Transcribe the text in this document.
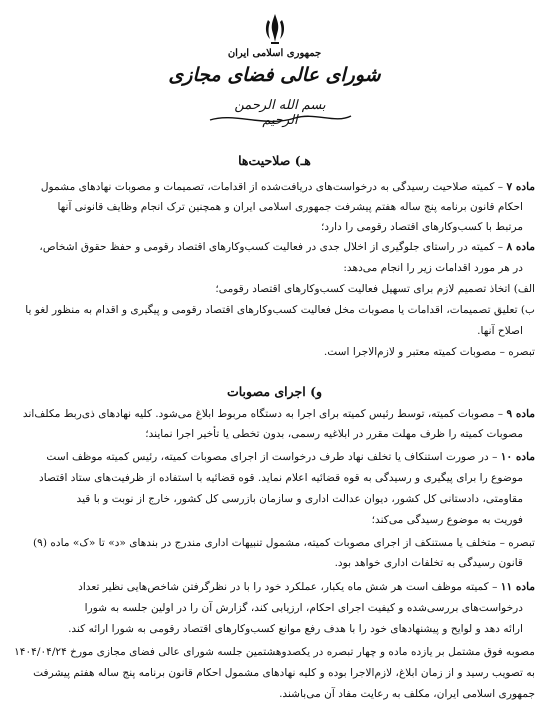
جمهوری اسلامی ایران
شورای عالی فضای مجازی
بسم الله الرحمن الرحیم
هـ) صلاحیت‌ها
ماده ۷ – کمیته صلاحیت رسیدگی به درخواست‌های دریافت‌شده از اقدامات، تصمیمات و مصوبات نهادهای مشمول
احکام قانون برنامه پنج ساله هفتم پیشرفت جمهوری اسلامی ایران و همچنین ترک انجام وظایف قانونی آنها
مرتبط با کسب‌وکارهای اقتصاد رقومی را دارد؛
ماده ۸ – کمیته در راستای جلوگیری از اخلال جدی در فعالیت کسب‌وکارهای اقتصاد رقومی و حفظ حقوق اشخاص،
در هر مورد اقدامات زیر را انجام می‌دهد:
الف) اتخاذ تصمیم لازم برای تسهیل فعالیت کسب‌وکارهای اقتصاد رقومی؛
ب) تعلیق تصمیمات، اقدامات یا مصوبات مخل فعالیت کسب‌وکارهای اقتصاد رقومی و پیگیری و اقدام به منظور لغو یا
اصلاح آنها.
تبصره – مصوبات کمیته معتبر و لازم‌الاجرا است.
و) اجرای مصوبات
ماده ۹ – مصوبات کمیته، توسط رئیس کمیته برای اجرا به دستگاه مربوط ابلاغ می‌شود. کلیه نهادهای ذی‌ربط مکلف‌اند
مصوبات کمیته را ظرف مهلت مقرر در ابلاغیه رسمی، بدون تخطی یا تأخیر اجرا نمایند؛
ماده ۱۰ – در صورت استنکاف یا تخلف نهاد طرف درخواست از اجرای مصوبات کمیته، رئیس کمیته موظف است
موضوع را برای پیگیری و رسیدگی به قوه قضائیه اعلام نماید. قوه قضائیه با استفاده از ظرفیت‌های ستاد اقتصاد
مقاومتی، دادستانی کل کشور، دیوان عدالت اداری و سازمان بازرسی کل کشور، خارج از نوبت و با قید
فوریت به موضوع رسیدگی می‌کند؛
تبصره – متخلف یا مستنکف از اجرای مصوبات کمیته، مشمول تنبیهات اداری مندرج در بندهای «د» تا «ک» ماده (۹)
قانون رسیدگی به تخلفات اداری خواهد بود.
ماده ۱۱ – کمیته موظف است هر شش ماه یکبار، عملکرد خود را با در نظرگرفتن شاخص‌هایی نظیر تعداد
درخواست‌های بررسی‌شده و کیفیت اجرای احکام، ارزیابی کند، گزارش آن را در اولین جلسه به شورا
ارائه دهد و لوایح و پیشنهادهای خود را با هدف رفع موانع کسب‌وکارهای اقتصاد رقومی به شورا ارائه کند.
مصوبه فوق مشتمل بر یازده ماده و چهار تبصره در یکصدوهشتمین جلسه شورای عالی فضای مجازی مورخ ۱۴۰۴/۰۴/۲۴
به تصویب رسید و از زمان ابلاغ، لازم‌الاجرا بوده و کلیه نهادهای مشمول احکام قانون برنامه پنج ساله هفتم پیشرفت
جمهوری اسلامی ایران، مکلف به رعایت مفاد آن می‌باشند.
